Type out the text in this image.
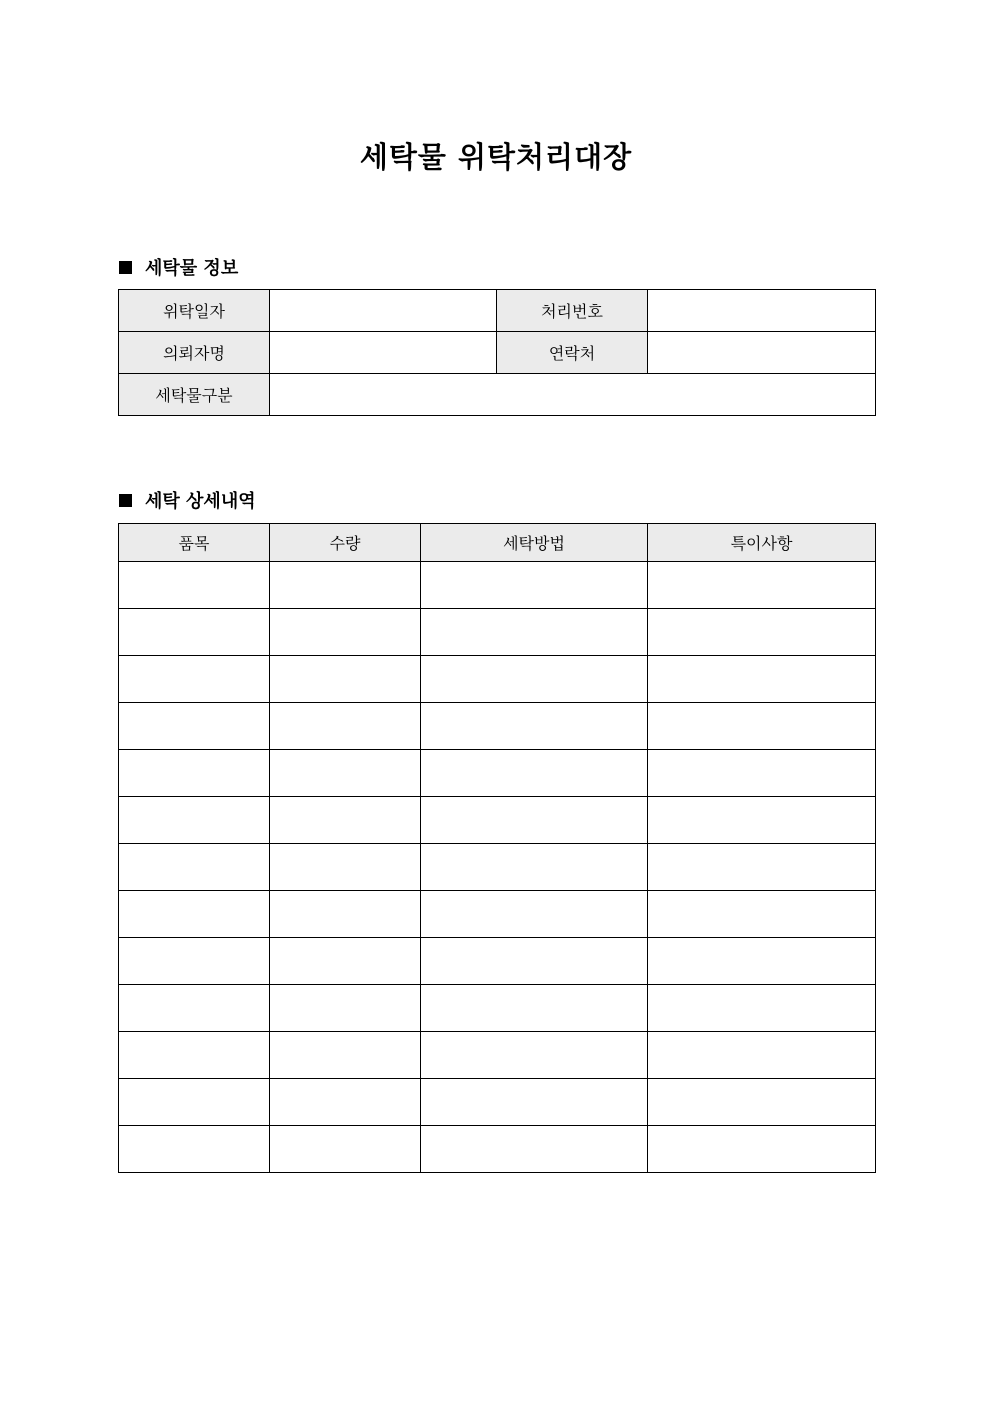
세탁물 위탁처리대장
세탁물 정보
위탁일자		처리번호	
의뢰자명		연락처	
세탁물구분			
세탁 상세내역
품목	수량	세탁방법	특이사항
